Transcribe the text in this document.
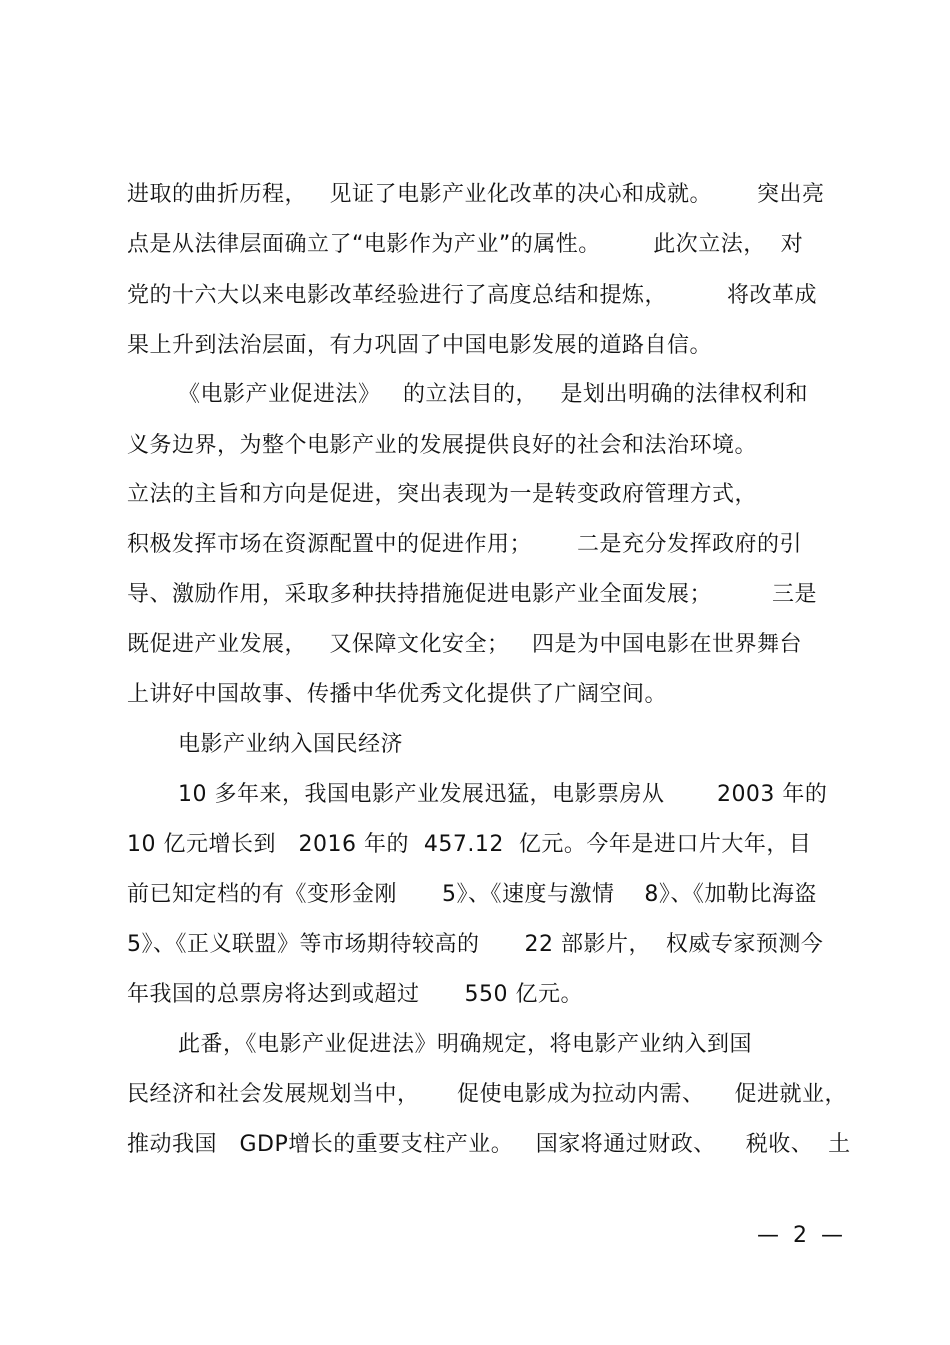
进取的曲折历程，   见证了电影产业化改革的决心和成就。      突出亮
点是从法律层面确立了“电影作为产业”的属性。       此次立法，  对
党的十六大以来电影改革经验进行了高度总结和提炼，        将改革成
果上升到法治层面，有力巩固了中国电影发展的道路自信。
《电影产业促进法》   的立法目的，   是划出明确的法律权利和
义务边界，为整个电影产业的发展提供良好的社会和法治环境。
立法的主旨和方向是促进，突出表现为一是转变政府管理方式，
积极发挥市场在资源配置中的促进作用；      二是充分发挥政府的引
导、激励作用，采取多种扶持措施促进电影产业全面发展；        三是
既促进产业发展，   又保障文化安全；   四是为中国电影在世界舞台
上讲好中国故事、传播中华优秀文化提供了广阔空间。
电影产业纳入国民经济
10 多年来，我国电影产业发展迅猛，电影票房从       2003 年的
10 亿元增长到   2016 年的  457.12  亿元。今年是进口片大年，目
前已知定档的有《变形金刚      5》、《速度与激情    8》、《加勒比海盗
5》、《正义联盟》等市场期待较高的      22 部影片，  权威专家预测今
年我国的总票房将达到或超过      550 亿元。
此番，《电影产业促进法》明确规定，将电影产业纳入到国
民经济和社会发展规划当中，     促使电影成为拉动内需、    促进就业，
推动我国   GDP增长的重要支柱产业。   国家将通过财政、    税收、  土
—  2  —
